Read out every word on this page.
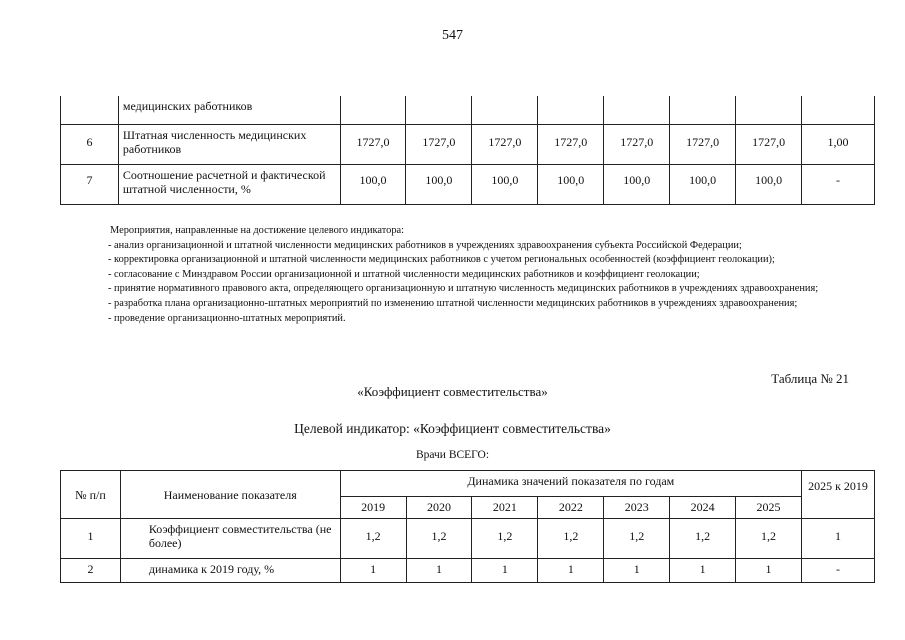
547
	медицинских работников								
6	Штатная численность медицинских работников	1727,0	1727,0	1727,0	1727,0	1727,0	1727,0	1727,0	1,00
7	Соотношение расчетной и фактической штатной численности, %	100,0	100,0	100,0	100,0	100,0	100,0	100,0	-

Мероприятия, направленные на достижение целевого индикатора:

- анализ организационной и штатной численности медицинских работников в учреждениях здравоохранения субъекта Российской Федерации;

- корректировка организационной и штатной численности медицинских работников с учетом региональных особенностей (коэффициент геолокации);

- согласование с Минздравом России организационной и штатной численности медицинских работников и коэффициент геолокации;

- принятие нормативного правового акта, определяющего организационную и штатную численность медицинских работников в учреждениях здравоохранения;

- разработка плана организационно-штатных мероприятий по изменению штатной численности медицинских работников в учреждениях здравоохранения;

- проведение организационно-штатных мероприятий.

Таблица № 21
«Коэффициент совместительства»
Целевой индикатор: «Коэффициент совместительства»
Врачи ВСЕГО:
№ п/п	Наименование показателя	Динамика значений показателя по годам							2025 к 2019
		2019	2020	2021	2022	2023	2024	2025	
1	Коэффициент совместительства (не более)	1,2	1,2	1,2	1,2	1,2	1,2	1,2	1
2	динамика к 2019 году, %	1	1	1	1	1	1	1	-
